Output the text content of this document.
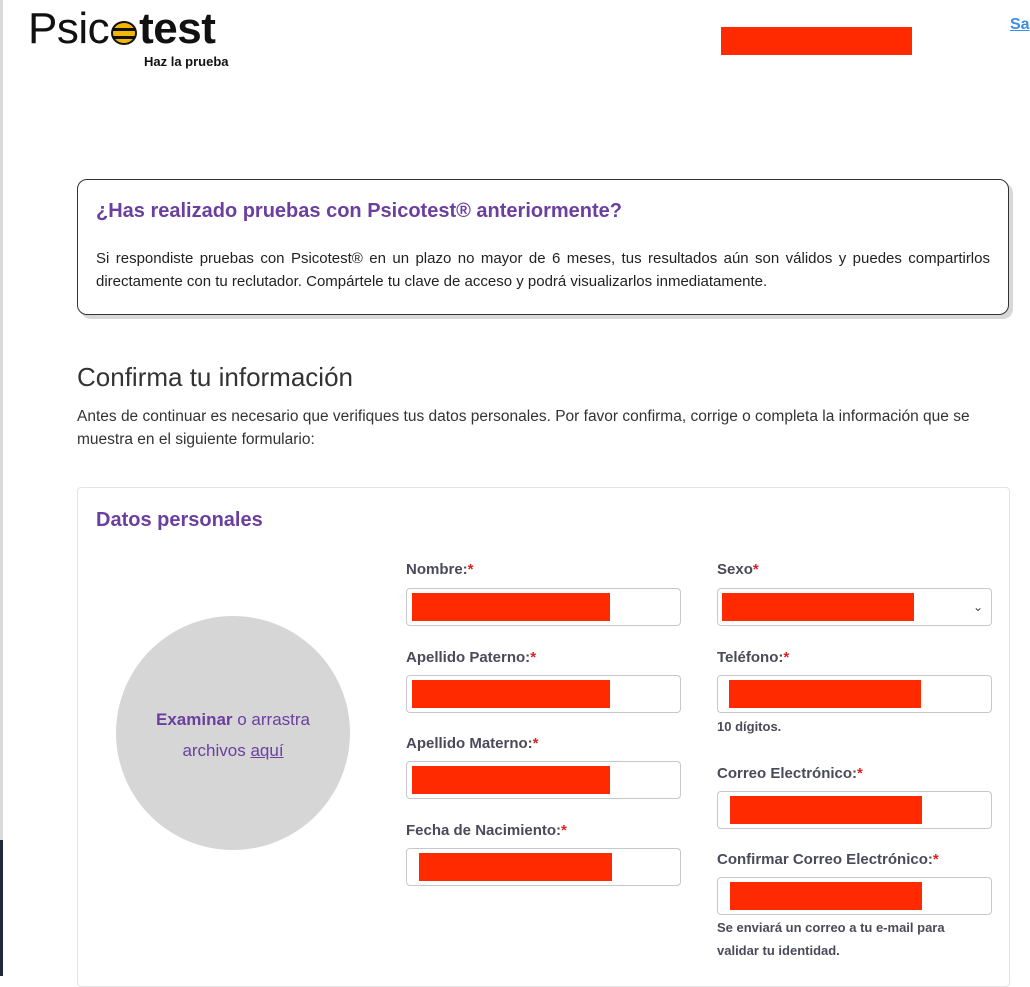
Psic test
Haz la prueba
Sa
¿Has realizado pruebas con Psicotest® anteriormente?

Si respondiste pruebas con Psicotest® en un plazo no mayor de 6 meses, tus resultados aún son válidos y puedes compartirlos directamente con tu reclutador. Compártele tu clave de acceso y podrá visualizarlos inmediatamente.

Confirma tu información

Antes de continuar es necesario que verifiques tus datos personales. Por favor confirma, corrige o completa la información que se muestra en el siguiente formulario:

Datos personales
Examinar o arrastra
archivos aquí
Nombre:*
Apellido Paterno:*
Apellido Materno:*
Fecha de Nacimiento:*
Sexo*
⌄
Teléfono:*
10 dígitos.
Correo Electrónico:*
Confirmar Correo Electrónico:*
Se enviará un correo a tu e-mail para validar tu identidad.
